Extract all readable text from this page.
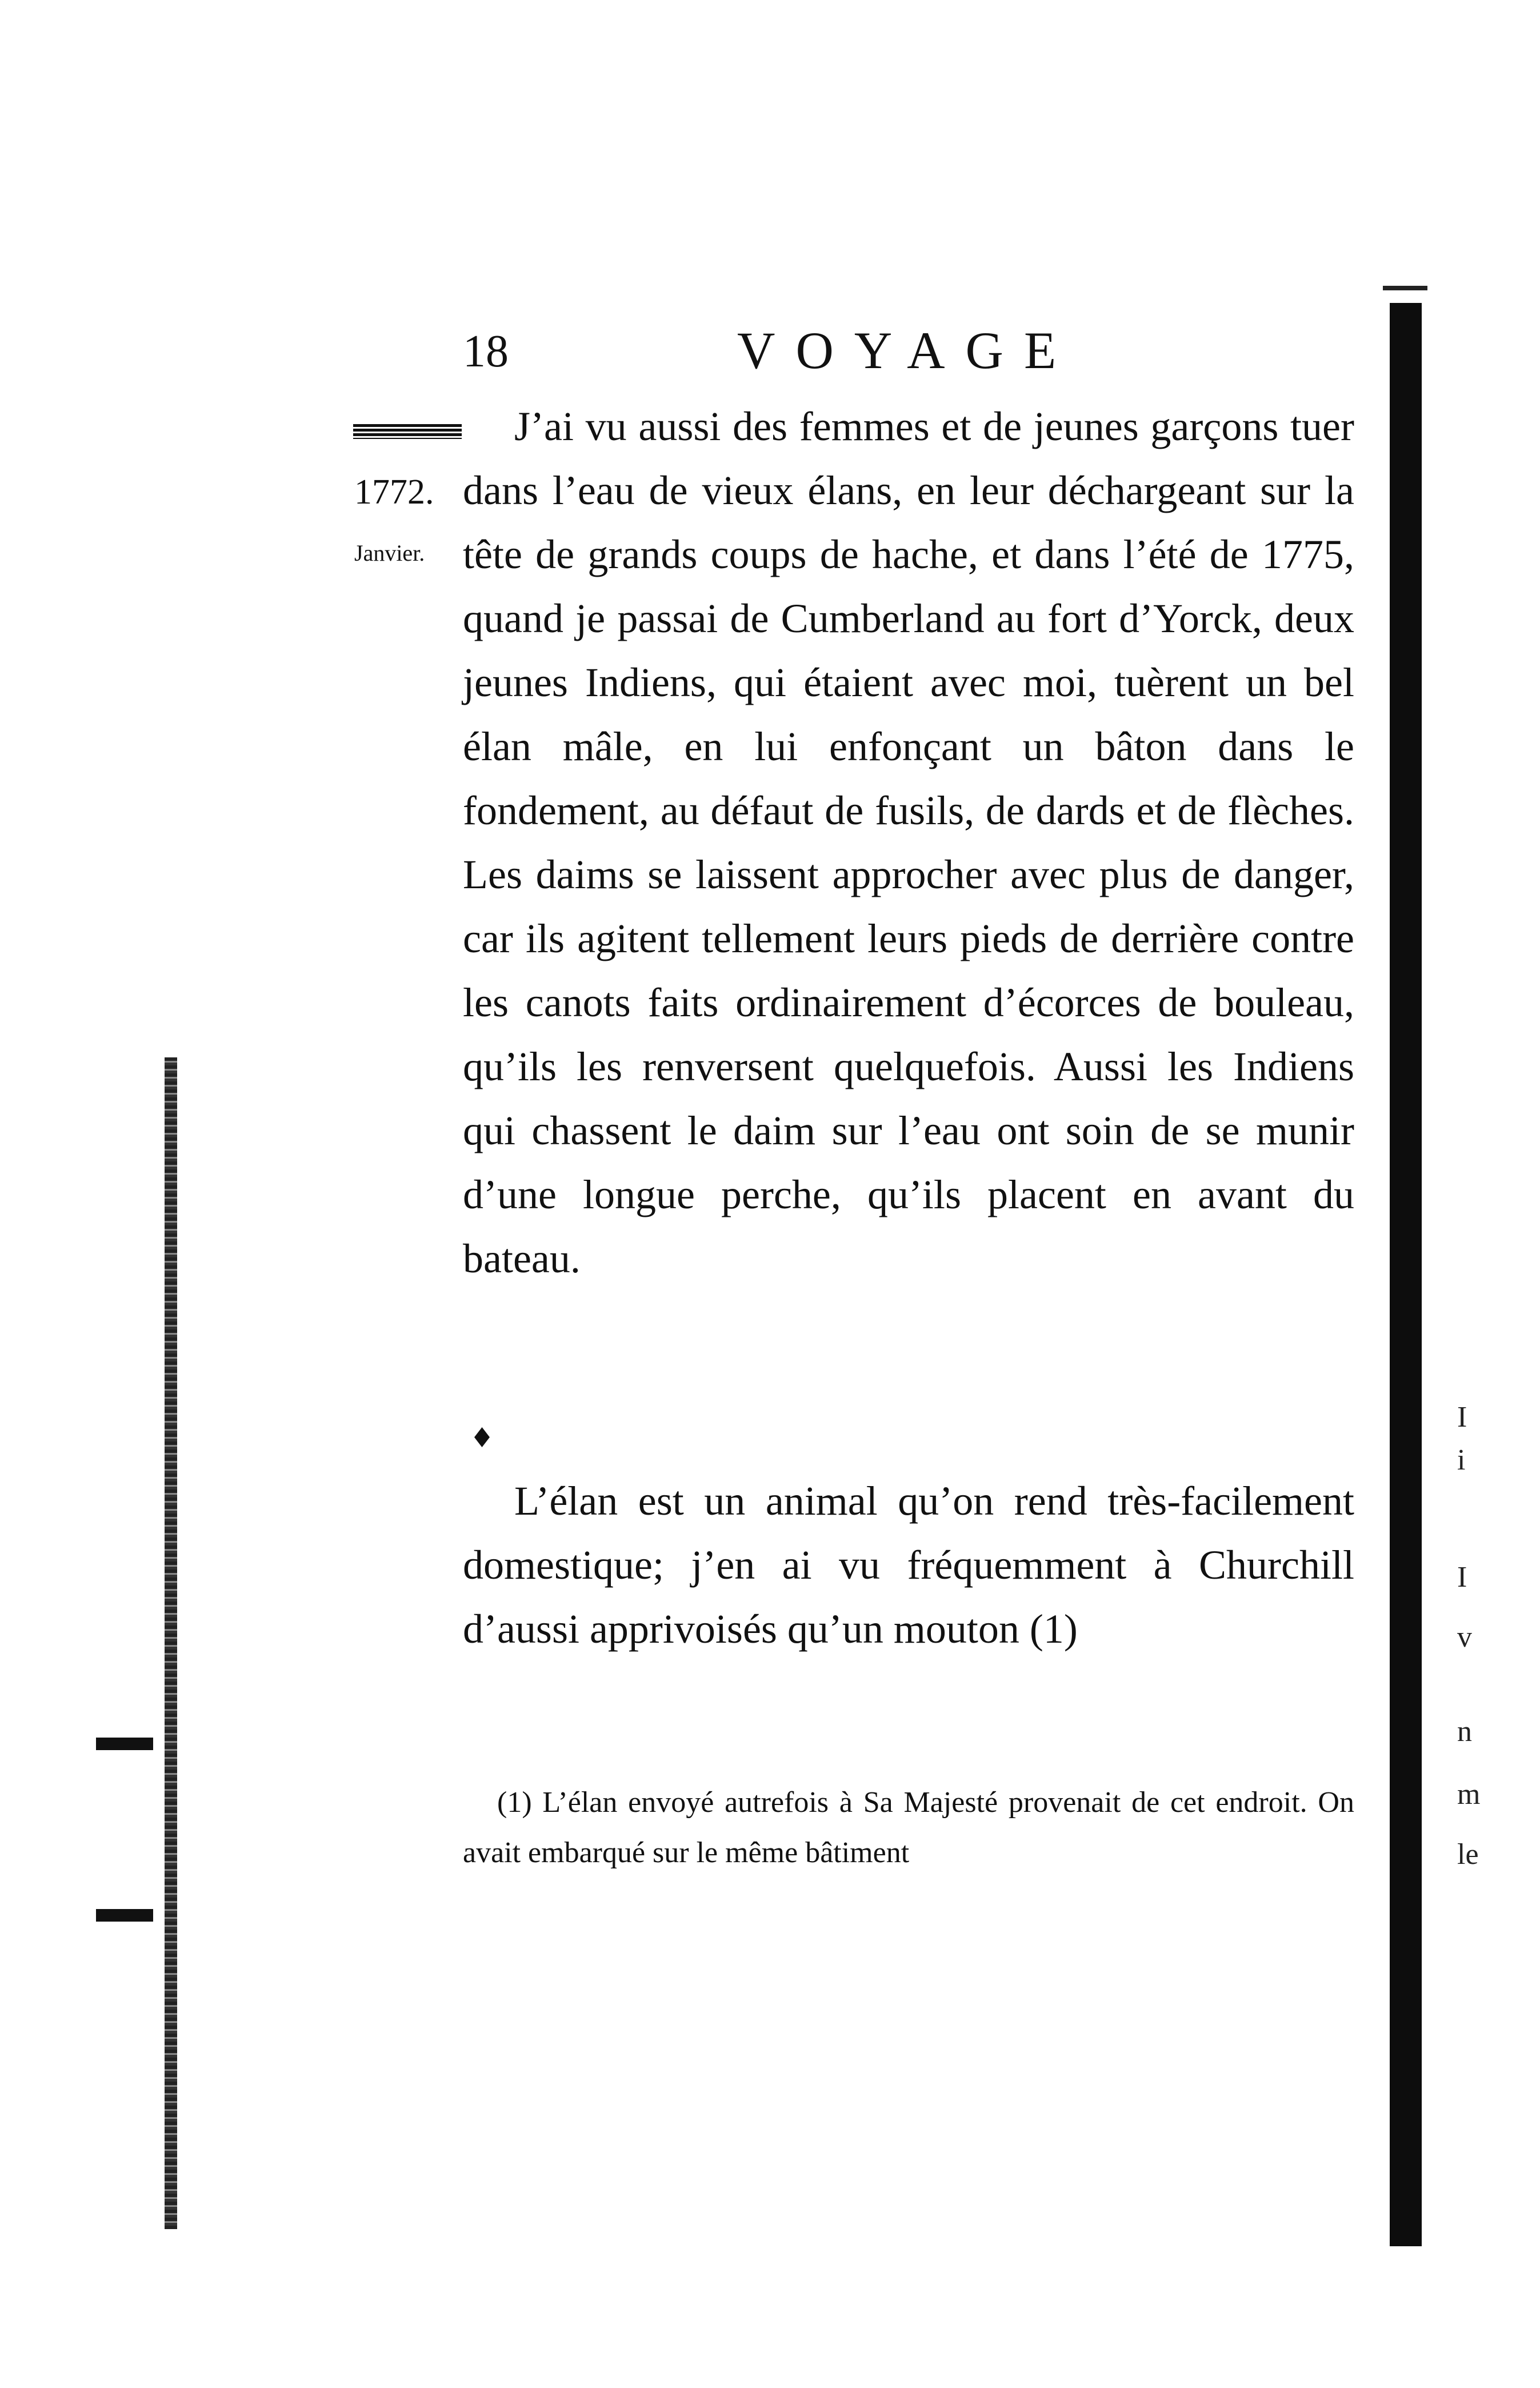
I
i
I
v
n
m
le
18	VOYAGE
1772.
Janvier.

J’ai vu aussi des femmes et de jeunes garçons tuer dans l’eau de vieux élans, en leur déchargeant sur la tête de grands coups de hache, et dans l’été de 1775, quand je passai de Cumberland au fort d’Yorck, deux jeunes Indiens, qui étaient avec moi, tuèrent un bel élan mâle, en lui enfonçant un bâton dans le fondement, au défaut de fusils, de dards et de flèches. Les daims se laissent approcher avec plus de danger, car ils agitent tellement leurs pieds de derrière contre les canots faits ordinairement d’écorces de bouleau, qu’ils les renversent quelquefois. Aussi les Indiens qui chassent le daim sur l’eau ont soin de se munir d’une longue perche, qu’ils placent en avant du bateau.

♦

L’élan est un animal qu’on rend très-facilement domestique; j’en ai vu fréquemment à Churchill d’aussi apprivoisés qu’un mouton (1)

(1) L’élan envoyé autrefois à Sa Majesté provenait de cet endroit. On avait embarqué sur le même bâtiment
